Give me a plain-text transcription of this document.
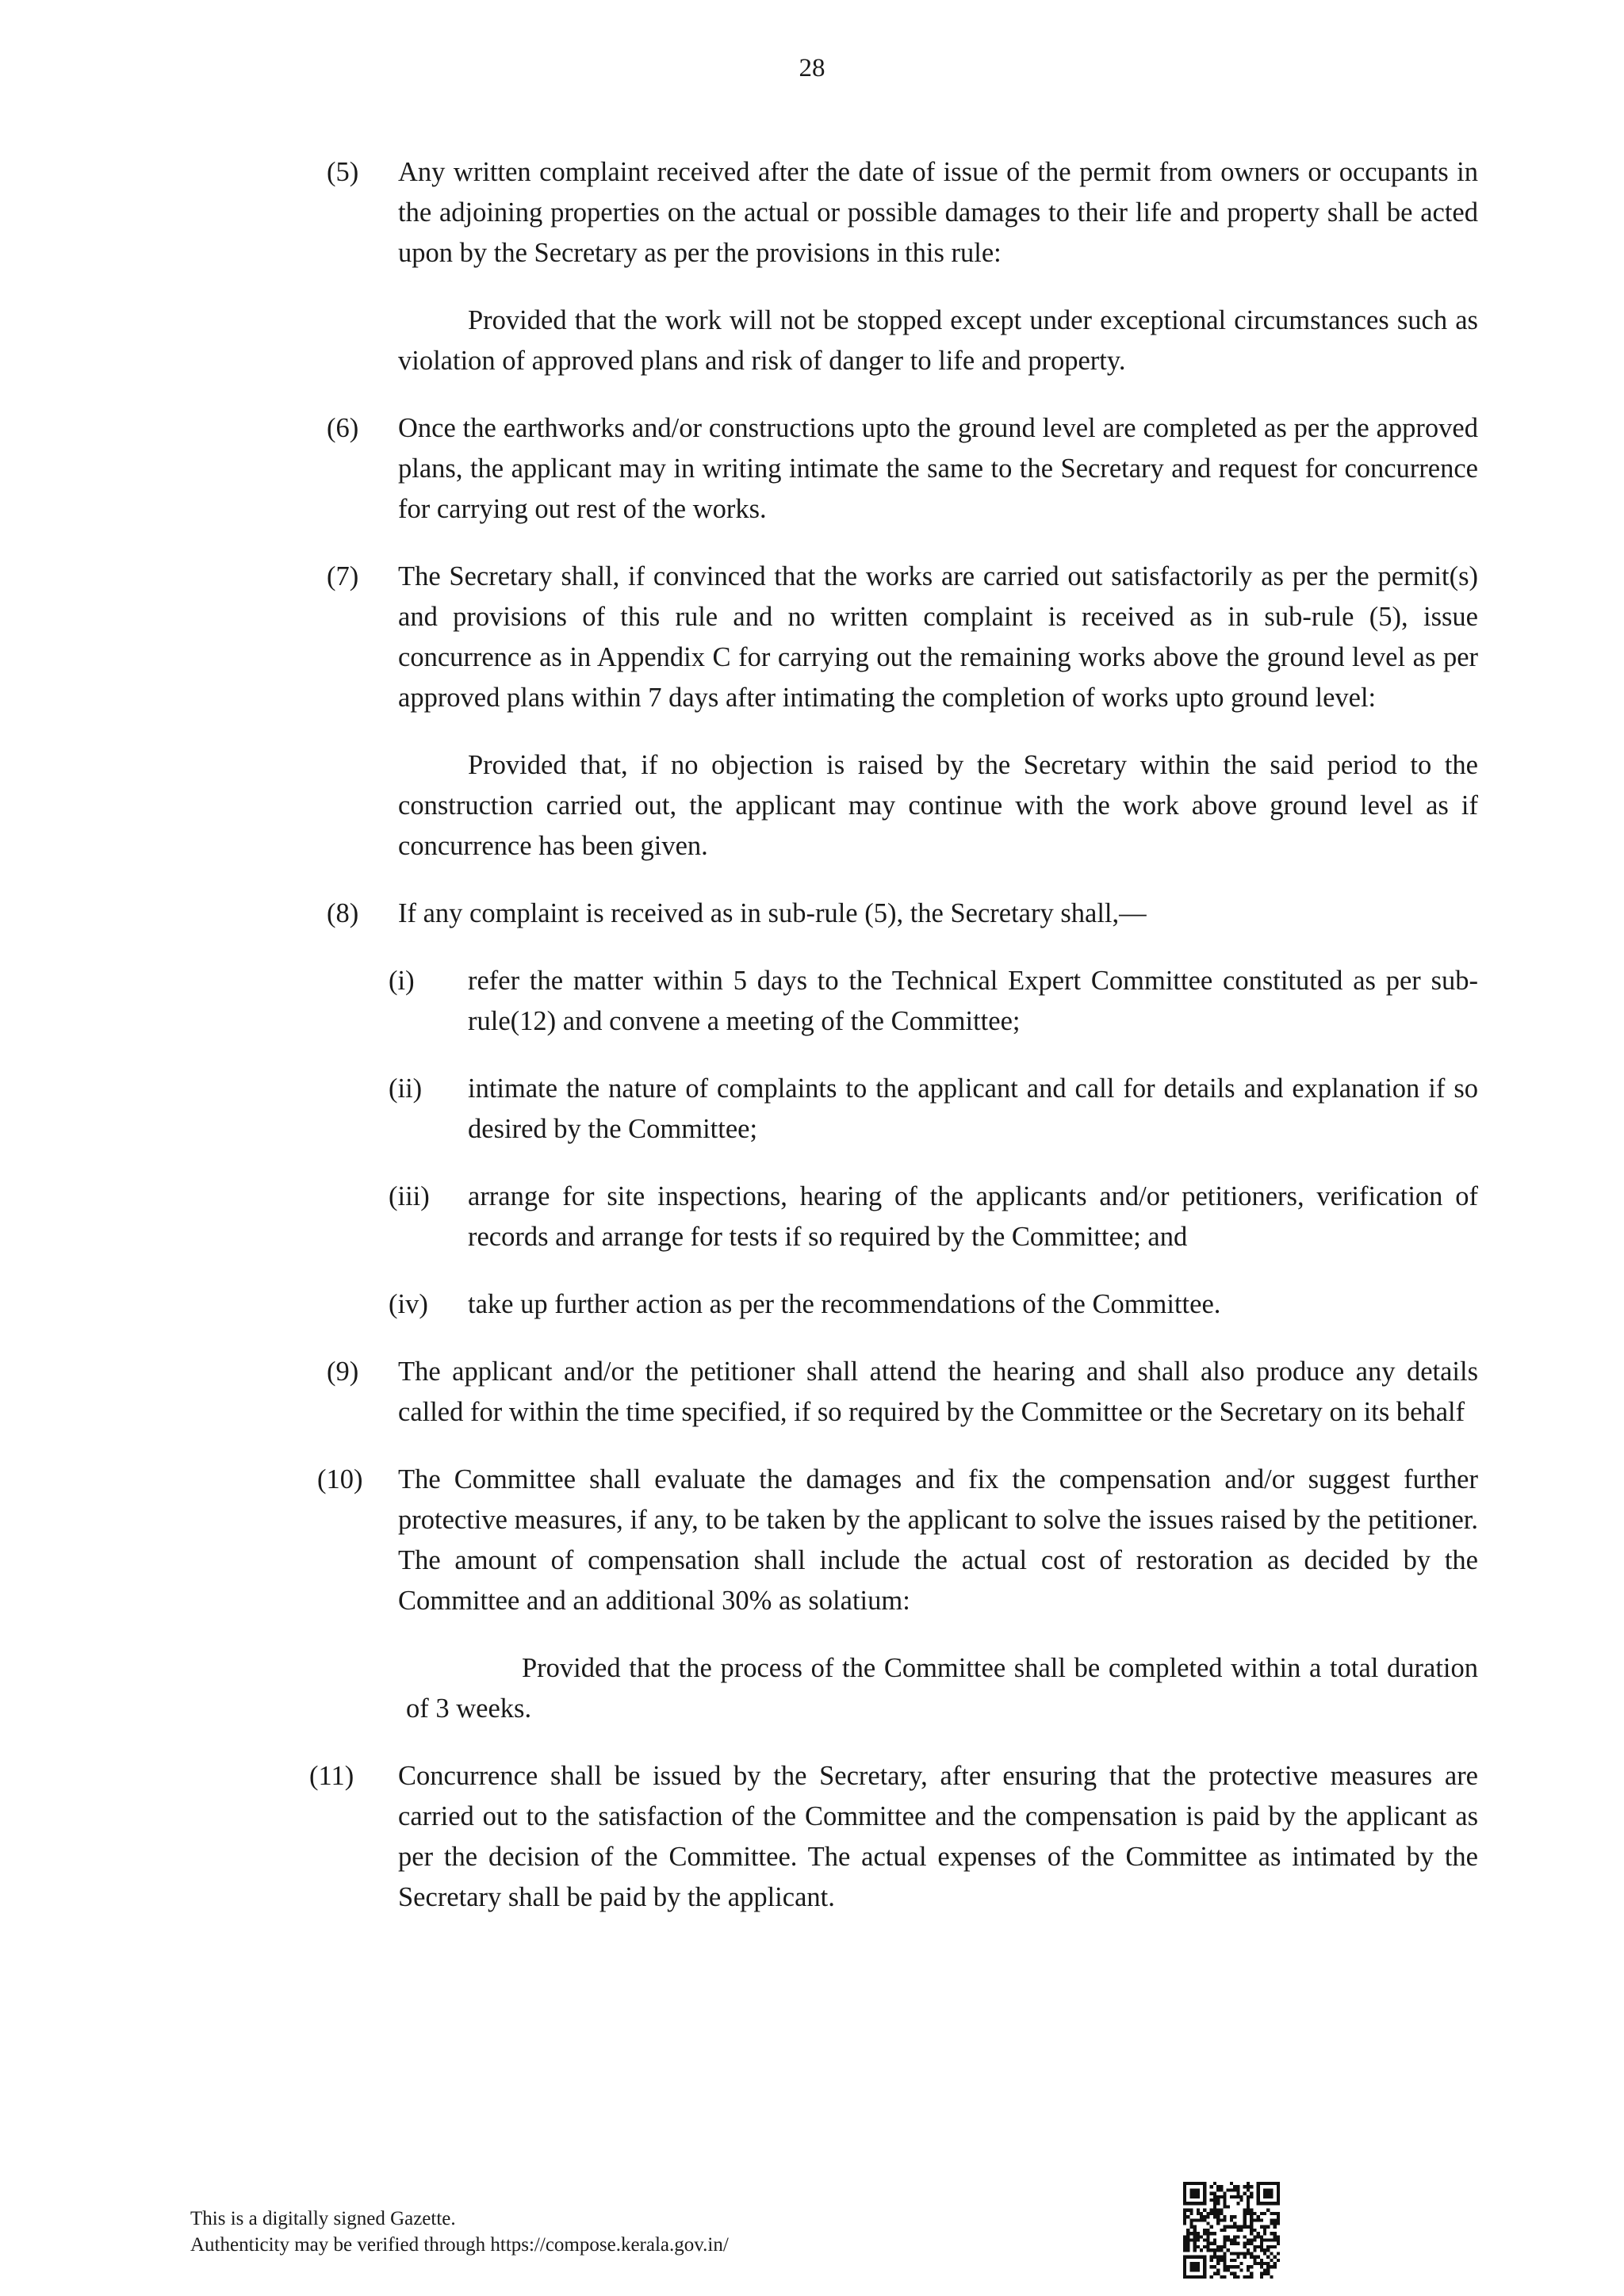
28
(5) Any written complaint received after the date of issue of the permit from owners or occupants in the adjoining properties on the actual or possible damages to their life and property shall be acted upon by the Secretary as per the provisions in this rule:

Provided that the work will not be stopped except under exceptional circumstances such as violation of approved plans and risk of danger to life and property.

(6) Once the earthworks and/or constructions upto the ground level are completed as per the approved plans, the applicant may in writing intimate the same to the Secretary and request for concurrence for carrying out rest of the works.

(7) The Secretary shall, if convinced that the works are carried out satisfactorily as per the permit(s) and provisions of this rule and no written complaint is received as in sub-rule (5), issue concurrence as in Appendix C for carrying out the remaining works above the ground level as per approved plans within 7 days after intimating the completion of works upto ground level:

Provided that, if no objection is raised by the Secretary within the said period to the construction carried out, the applicant may continue with the work above ground level as if concurrence has been given.

(8) If any complaint is received as in sub-rule (5), the Secretary shall,—

(i) refer the matter within 5 days to the Technical Expert Committee constituted as per sub-rule(12) and convene a meeting of the Committee;

(ii) intimate the nature of complaints to the applicant and call for details and explanation if so desired by the Committee;

(iii) arrange for site inspections, hearing of the applicants and/or petitioners, verification of records and arrange for tests if so required by the Committee; and

(iv) take up further action as per the recommendations of the Committee.

(9) The applicant and/or the petitioner shall attend the hearing and shall also produce any details called for within the time specified, if so required by the Committee or the Secretary on its behalf

(10) The Committee shall evaluate the damages and fix the compensation and/or suggest further protective measures, if any, to be taken by the applicant to solve the issues raised by the petitioner. The amount of compensation shall include the actual cost of restoration as decided by the Committee and an additional 30% as solatium:

Provided that the process of the Committee shall be completed within a total duration of 3 weeks.

(11) Concurrence shall be issued by the Secretary, after ensuring that the protective measures are carried out to the satisfaction of the Committee and the compensation is paid by the applicant as per the decision of the Committee. The actual expenses of the Committee as intimated by the Secretary shall be paid by the applicant.

This is a digitally signed Gazette.
Authenticity may be verified through https://compose.kerala.gov.in/
